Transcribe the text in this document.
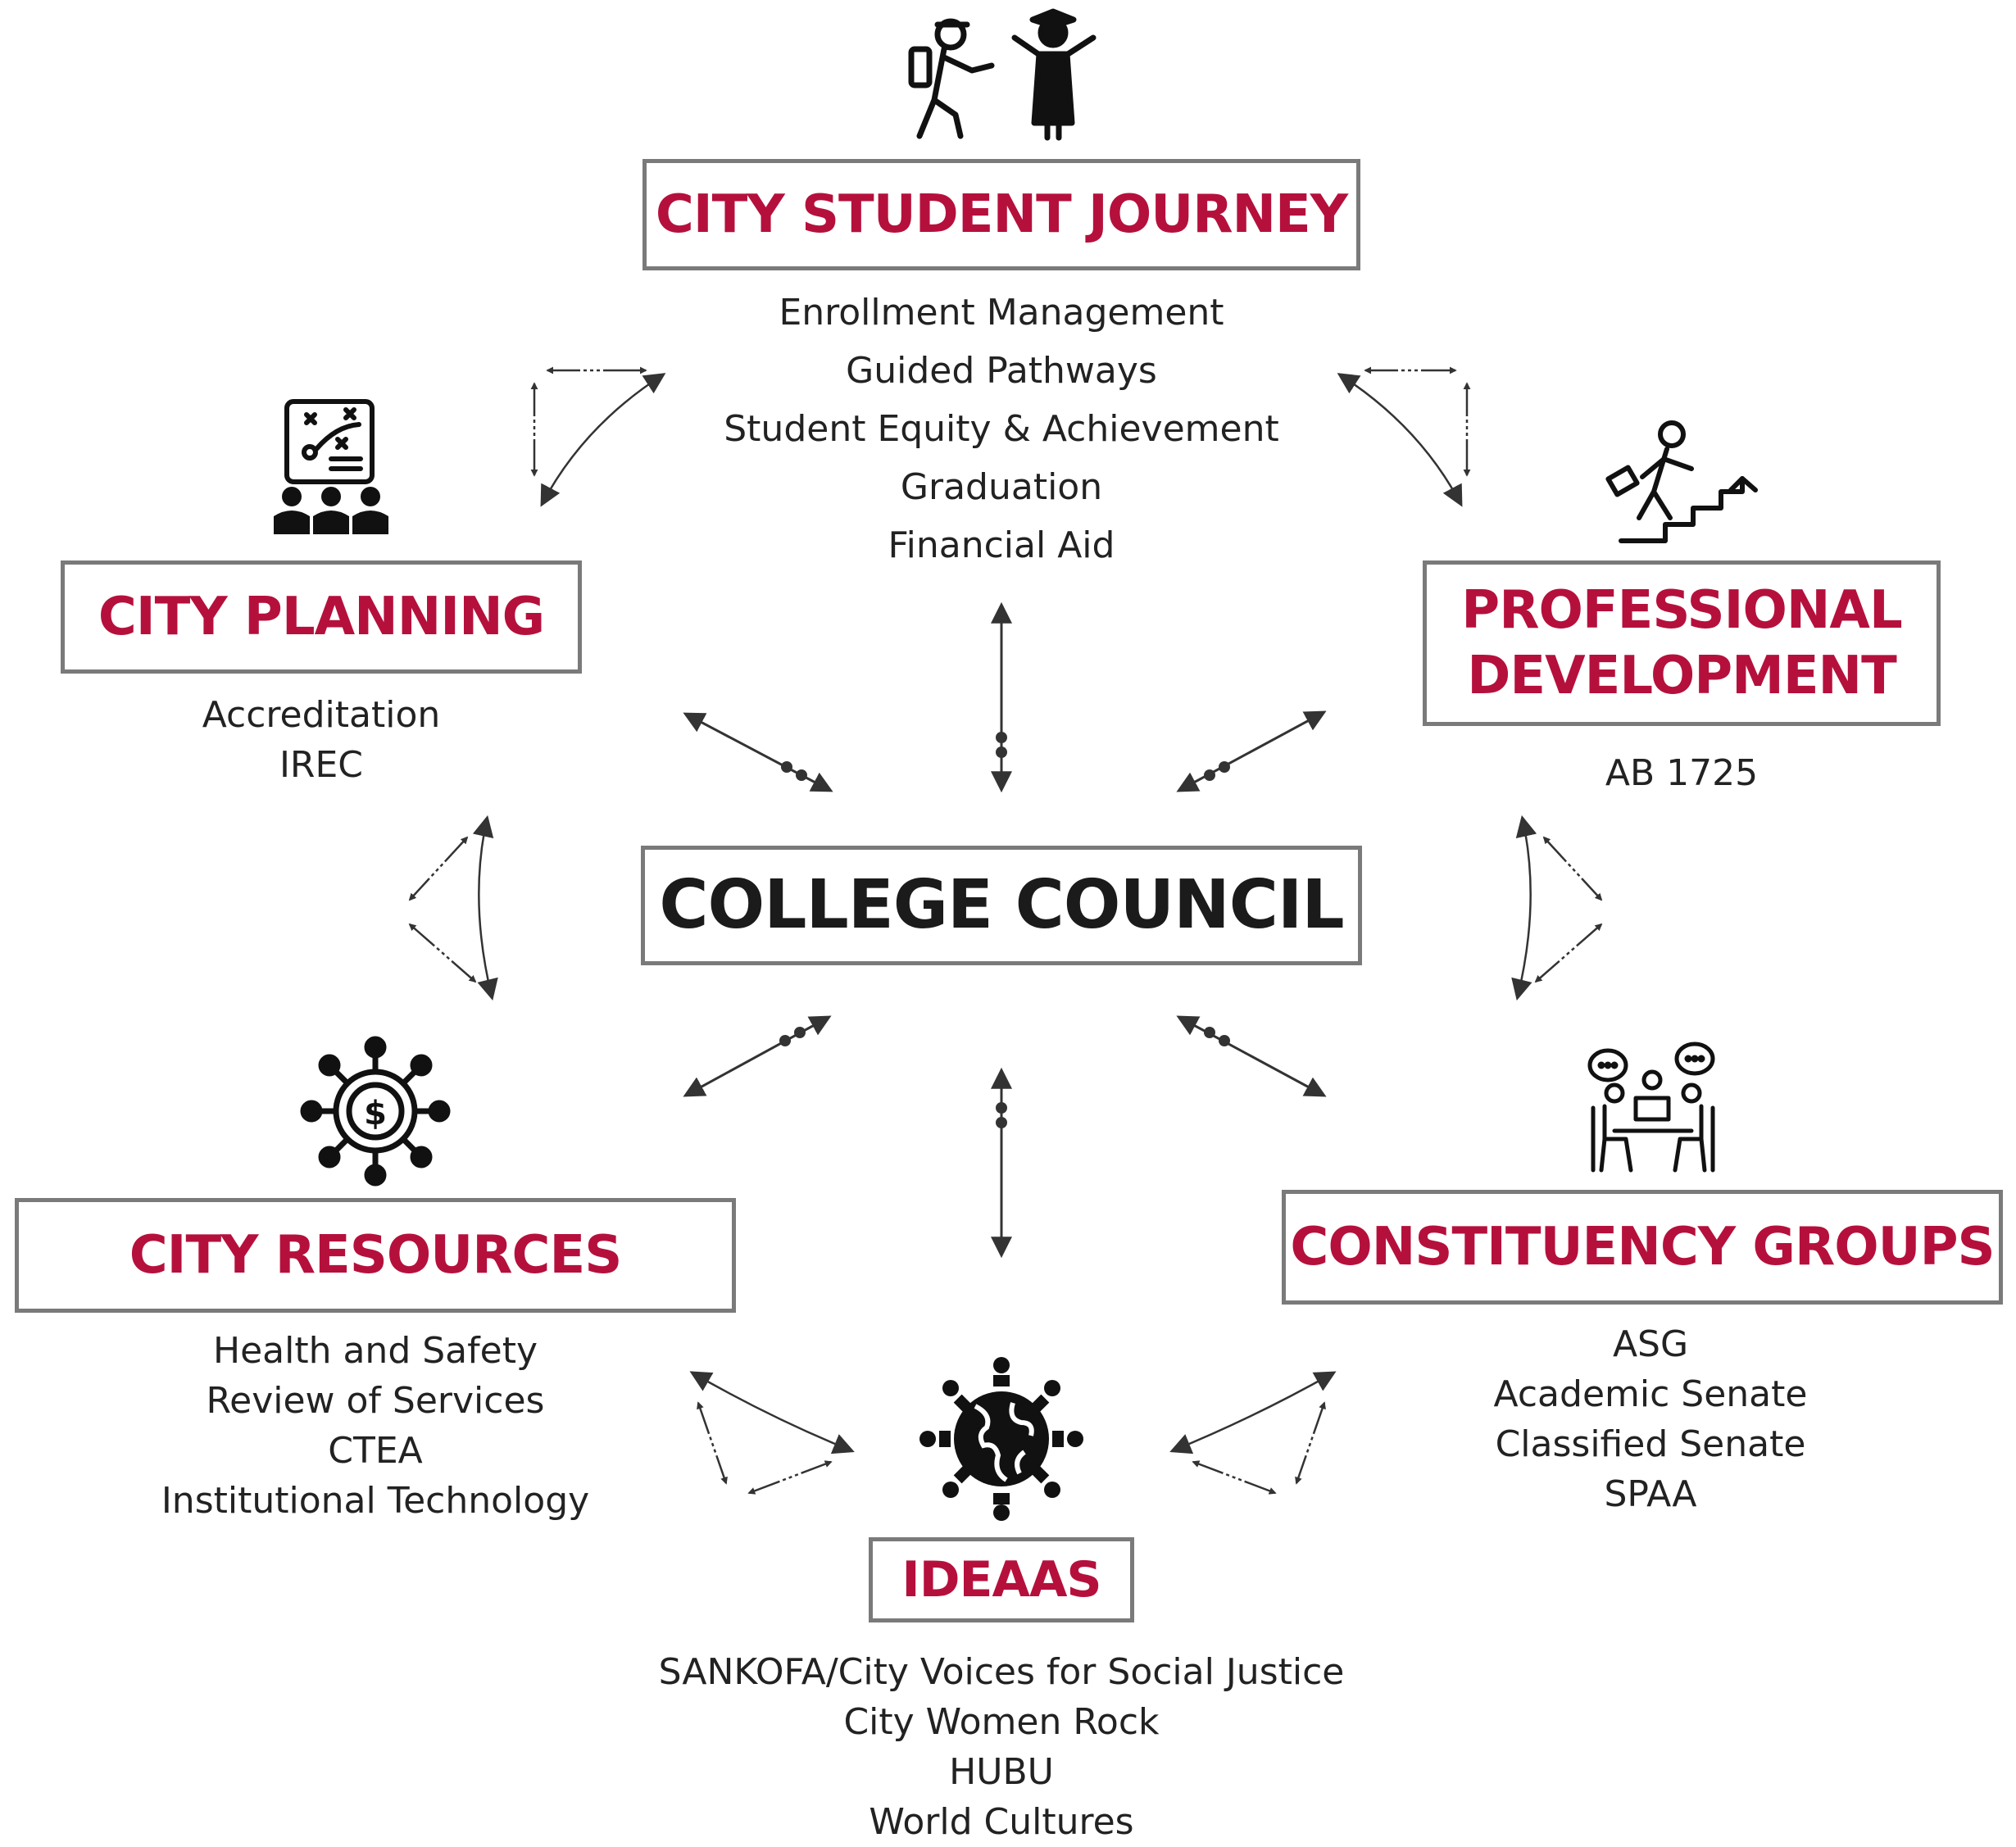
$
COLLEGE COUNCIL
CITY STUDENT JOURNEY
Enrollment Management
Guided Pathways
Student Equity & Achievement
Graduation
Financial Aid
CITY PLANNING
Accreditation
IREC
PROFESSIONAL
DEVELOPMENT
AB 1725
CITY RESOURCES
Health and Safety
Review of Services
CTEA
Institutional Technology
CONSTITUENCY GROUPS
ASG
Academic Senate
Classified Senate
SPAA
IDEAAS
SANKOFA/City Voices for Social Justice
City Women Rock
HUBU
World Cultures
